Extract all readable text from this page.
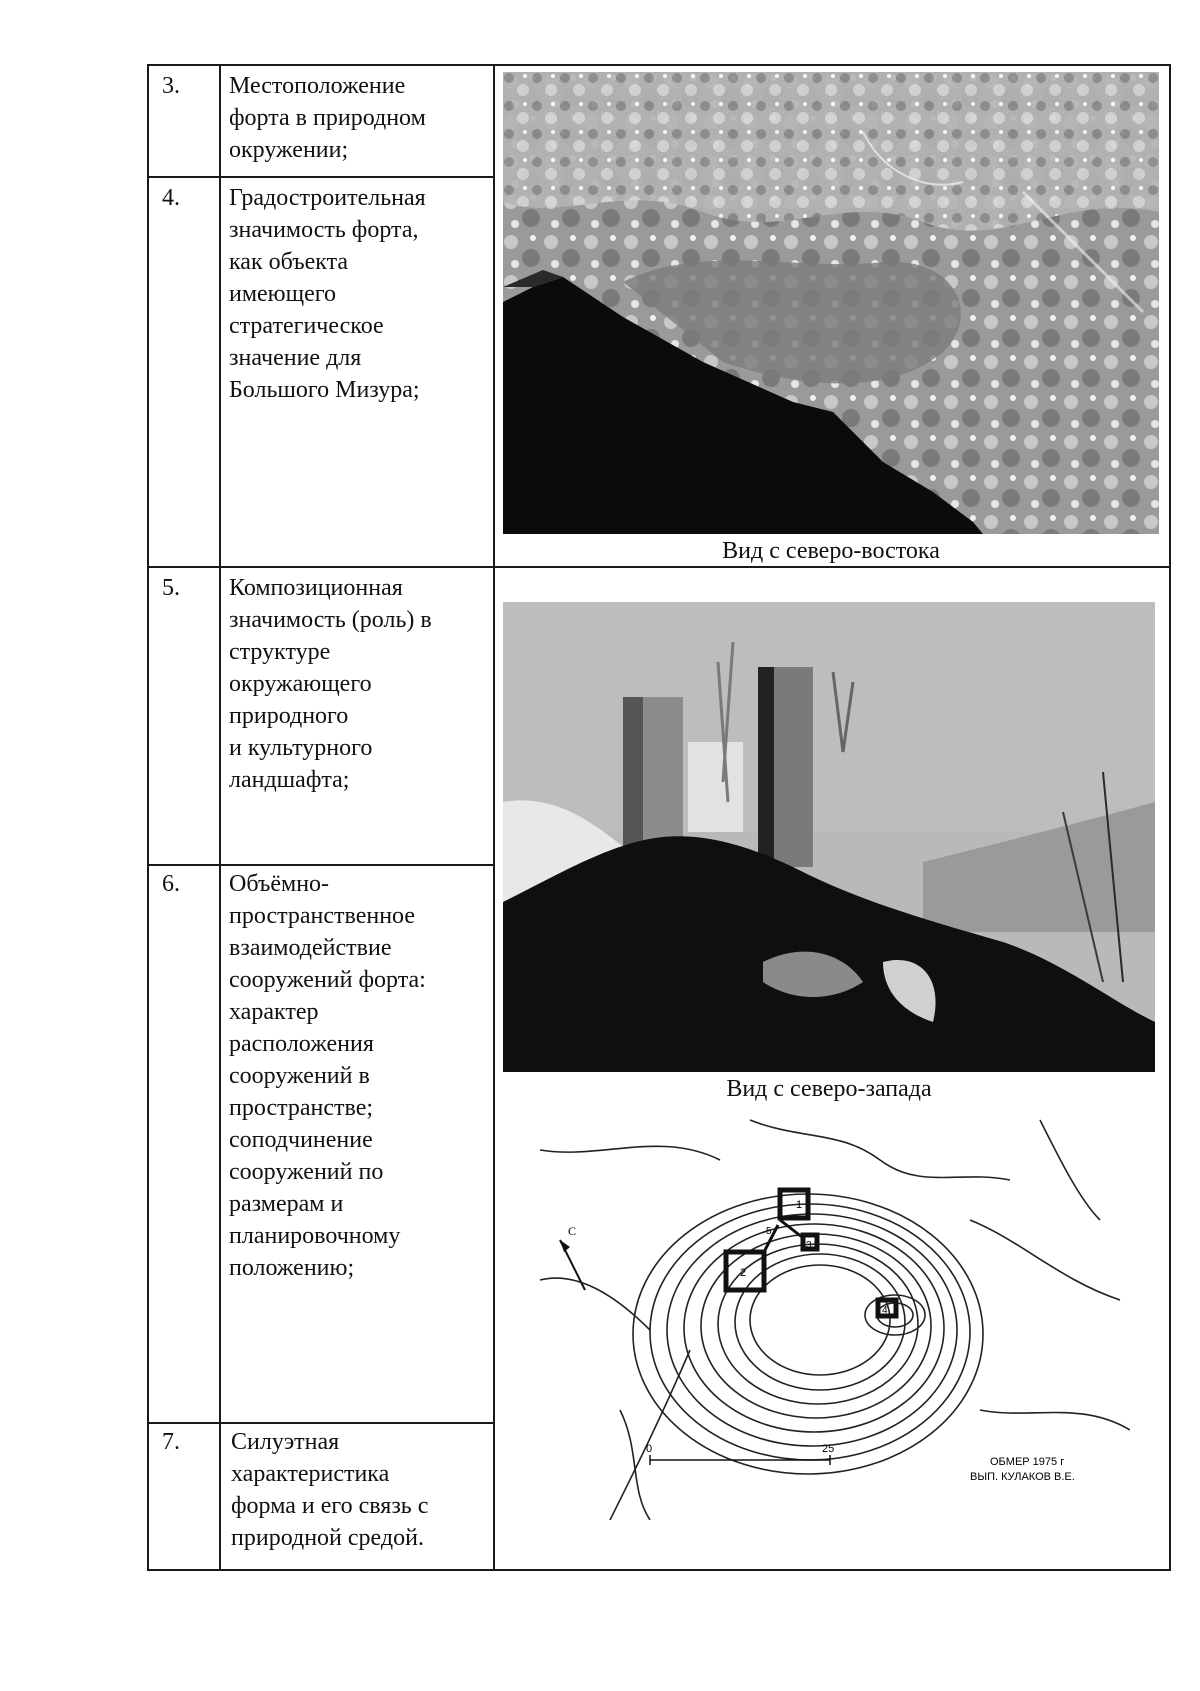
3. Местоположение
форта в природном
окружении;
4. Градостроительная
значимость форта,
как объекта
имеющего
стратегическое
значение для
Большого Мизура;
5. Композиционная
значимость (роль) в
структуре
окружающего
природного
и культурного
ландшафта;
6. Объёмно-
пространственное
взаимодействие
сооружений форта:
характер
расположения
сооружений в
пространстве;
соподчинение
сооружений по
размерам и
планировочному
положению;
7. Силуэтная
характеристика
форма и его связь с
природной средой.
Вид с северо-востока
Вид с северо-запада
С
2
1
3
4
5
0	25
ОБМЕР 1975 г
ВЫП. КУЛАКОВ В.Е.
